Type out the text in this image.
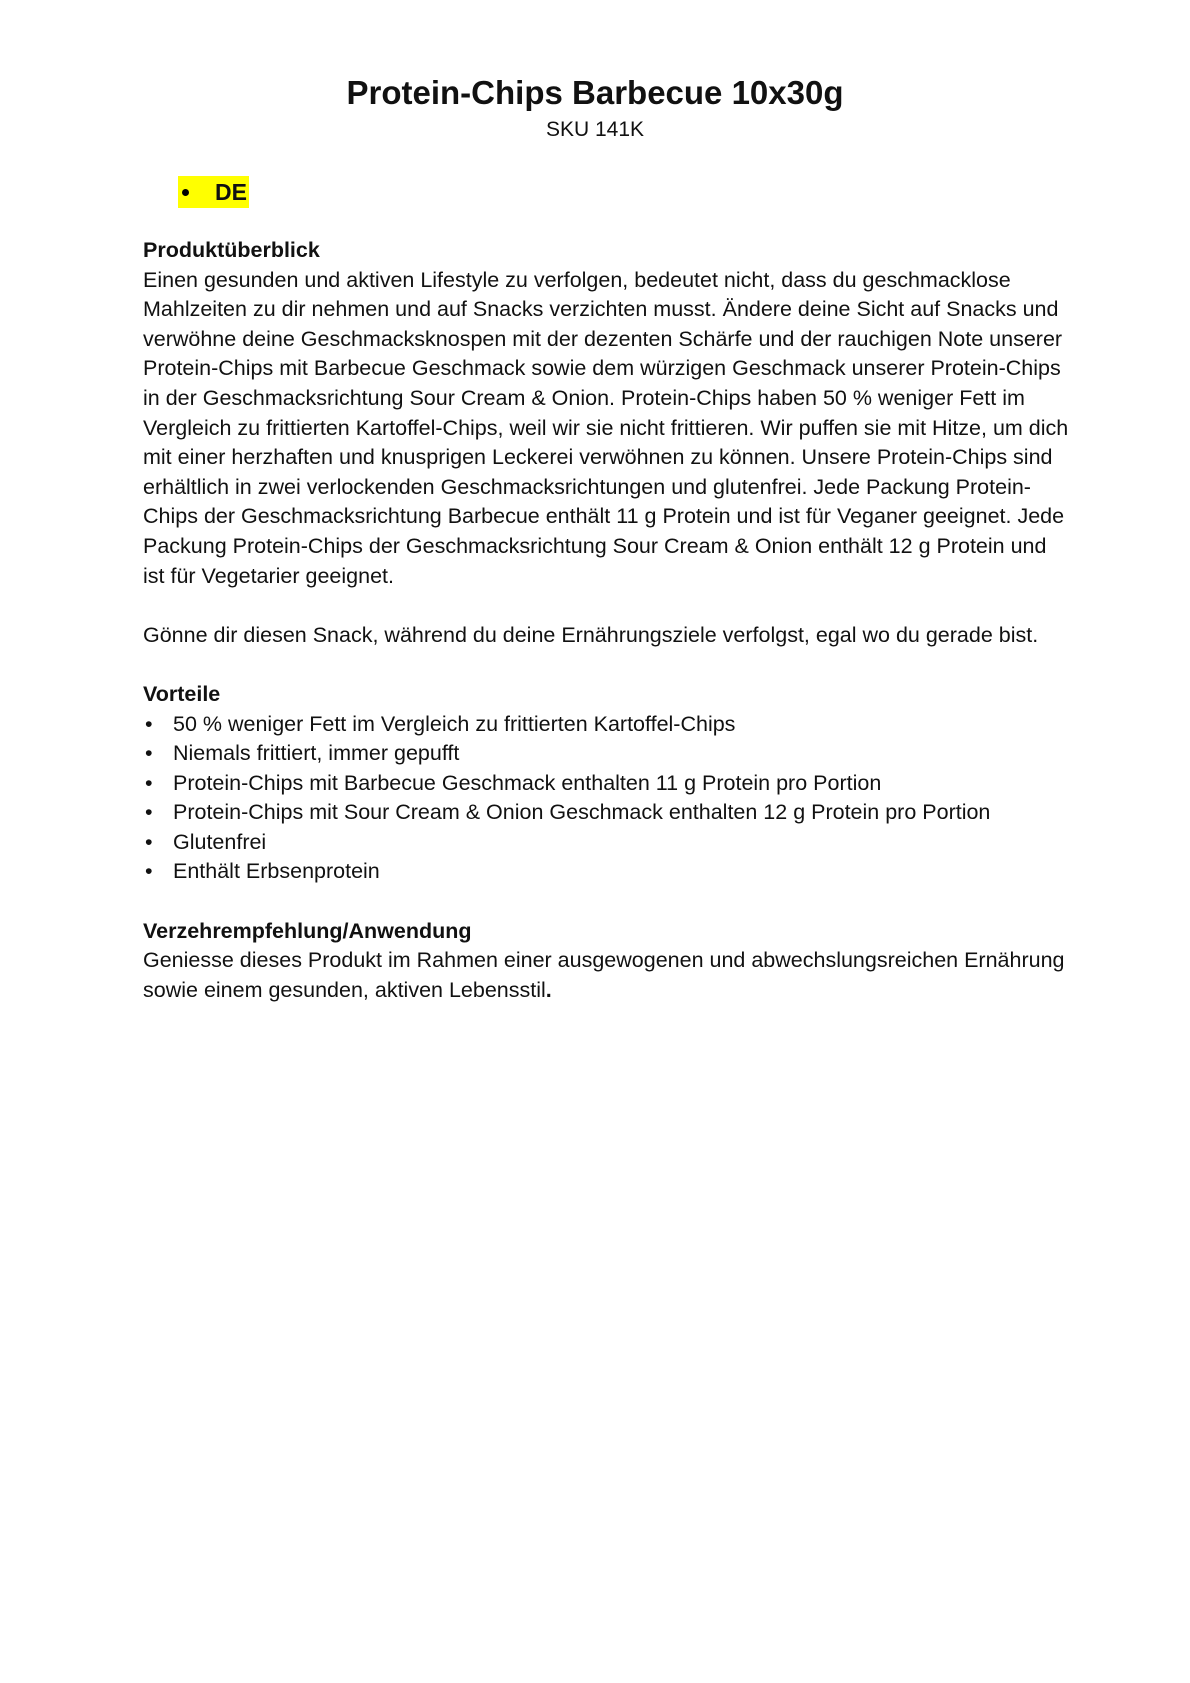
Protein-Chips Barbecue 10x30g
SKU 141K
DE

Produktüberblick

Einen gesunden und aktiven Lifestyle zu verfolgen, bedeutet nicht, dass du geschmacklose Mahlzeiten zu dir nehmen und auf Snacks verzichten musst. Ändere deine Sicht auf Snacks und verwöhne deine Geschmacksknospen mit der dezenten Schärfe und der rauchigen Note unserer Protein-Chips mit Barbecue Geschmack sowie dem würzigen Geschmack unserer Protein-Chips in der Geschmacksrichtung Sour Cream & Onion. Protein-Chips haben 50 % weniger Fett im Vergleich zu frittierten Kartoffel-Chips, weil wir sie nicht frittieren. Wir puffen sie mit Hitze, um dich mit einer herzhaften und knusprigen Leckerei verwöhnen zu können. Unsere Protein-Chips sind erhältlich in zwei verlockenden Geschmacksrichtungen und glutenfrei. Jede Packung Protein-Chips der Geschmacksrichtung Barbecue enthält 11 g Protein und ist für Veganer geeignet. Jede Packung Protein-Chips der Geschmacksrichtung Sour Cream & Onion enthält 12 g Protein und ist für Vegetarier geeignet.

Gönne dir diesen Snack, während du deine Ernährungsziele verfolgst, egal wo du gerade bist.

Vorteile

• 50 % weniger Fett im Vergleich zu frittierten Kartoffel-Chips
• Niemals frittiert, immer gepufft
• Protein-Chips mit Barbecue Geschmack enthalten 11 g Protein pro Portion
• Protein-Chips mit Sour Cream & Onion Geschmack enthalten 12 g Protein pro Portion
• Glutenfrei
• Enthält Erbsenprotein

Verzehrempfehlung/Anwendung

Geniesse dieses Produkt im Rahmen einer ausgewogenen und abwechslungsreichen Ernährung sowie einem gesunden, aktiven Lebensstil.
